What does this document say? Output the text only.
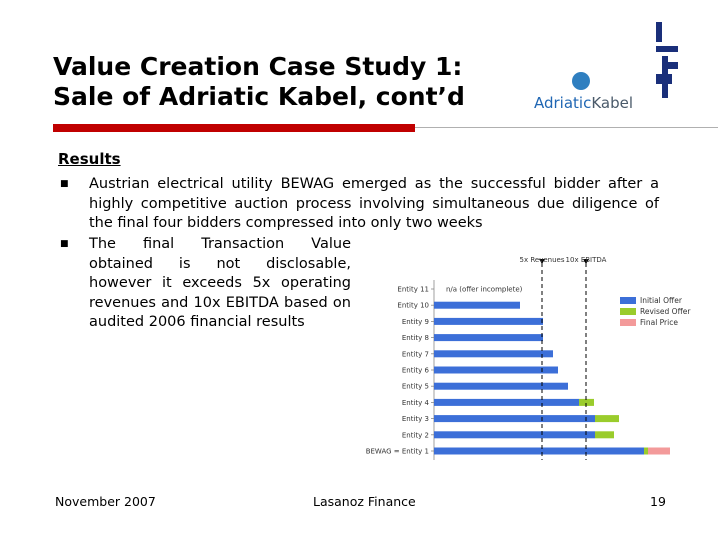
Value Creation Case Study 1:
Sale of Adriatic Kabel, cont’d	AdriaticKabel
Results
■ Austrian electrical utility BEWAG emerged as the successful bidder after a highly competitive auction process involving simultaneous due diligence of the final four bidders compressed into only two weeks
■ The final Transaction Value obtained is not disclosable, however it exceeds 5x operating revenues and 10x EBITDA based on audited 2006 financial results
Entity 11
Entity 10
Entity 9
Entity 8
Entity 7
Entity 6
Entity 5
Entity 4
Entity 3
Entity 2
BEWAG = Entity 1
n/a (offer incomplete)
5x Revenues 10x EBITDA
Initial Offer
Revised Offer
Final Price
November 2007	Lasanoz Finance	19
